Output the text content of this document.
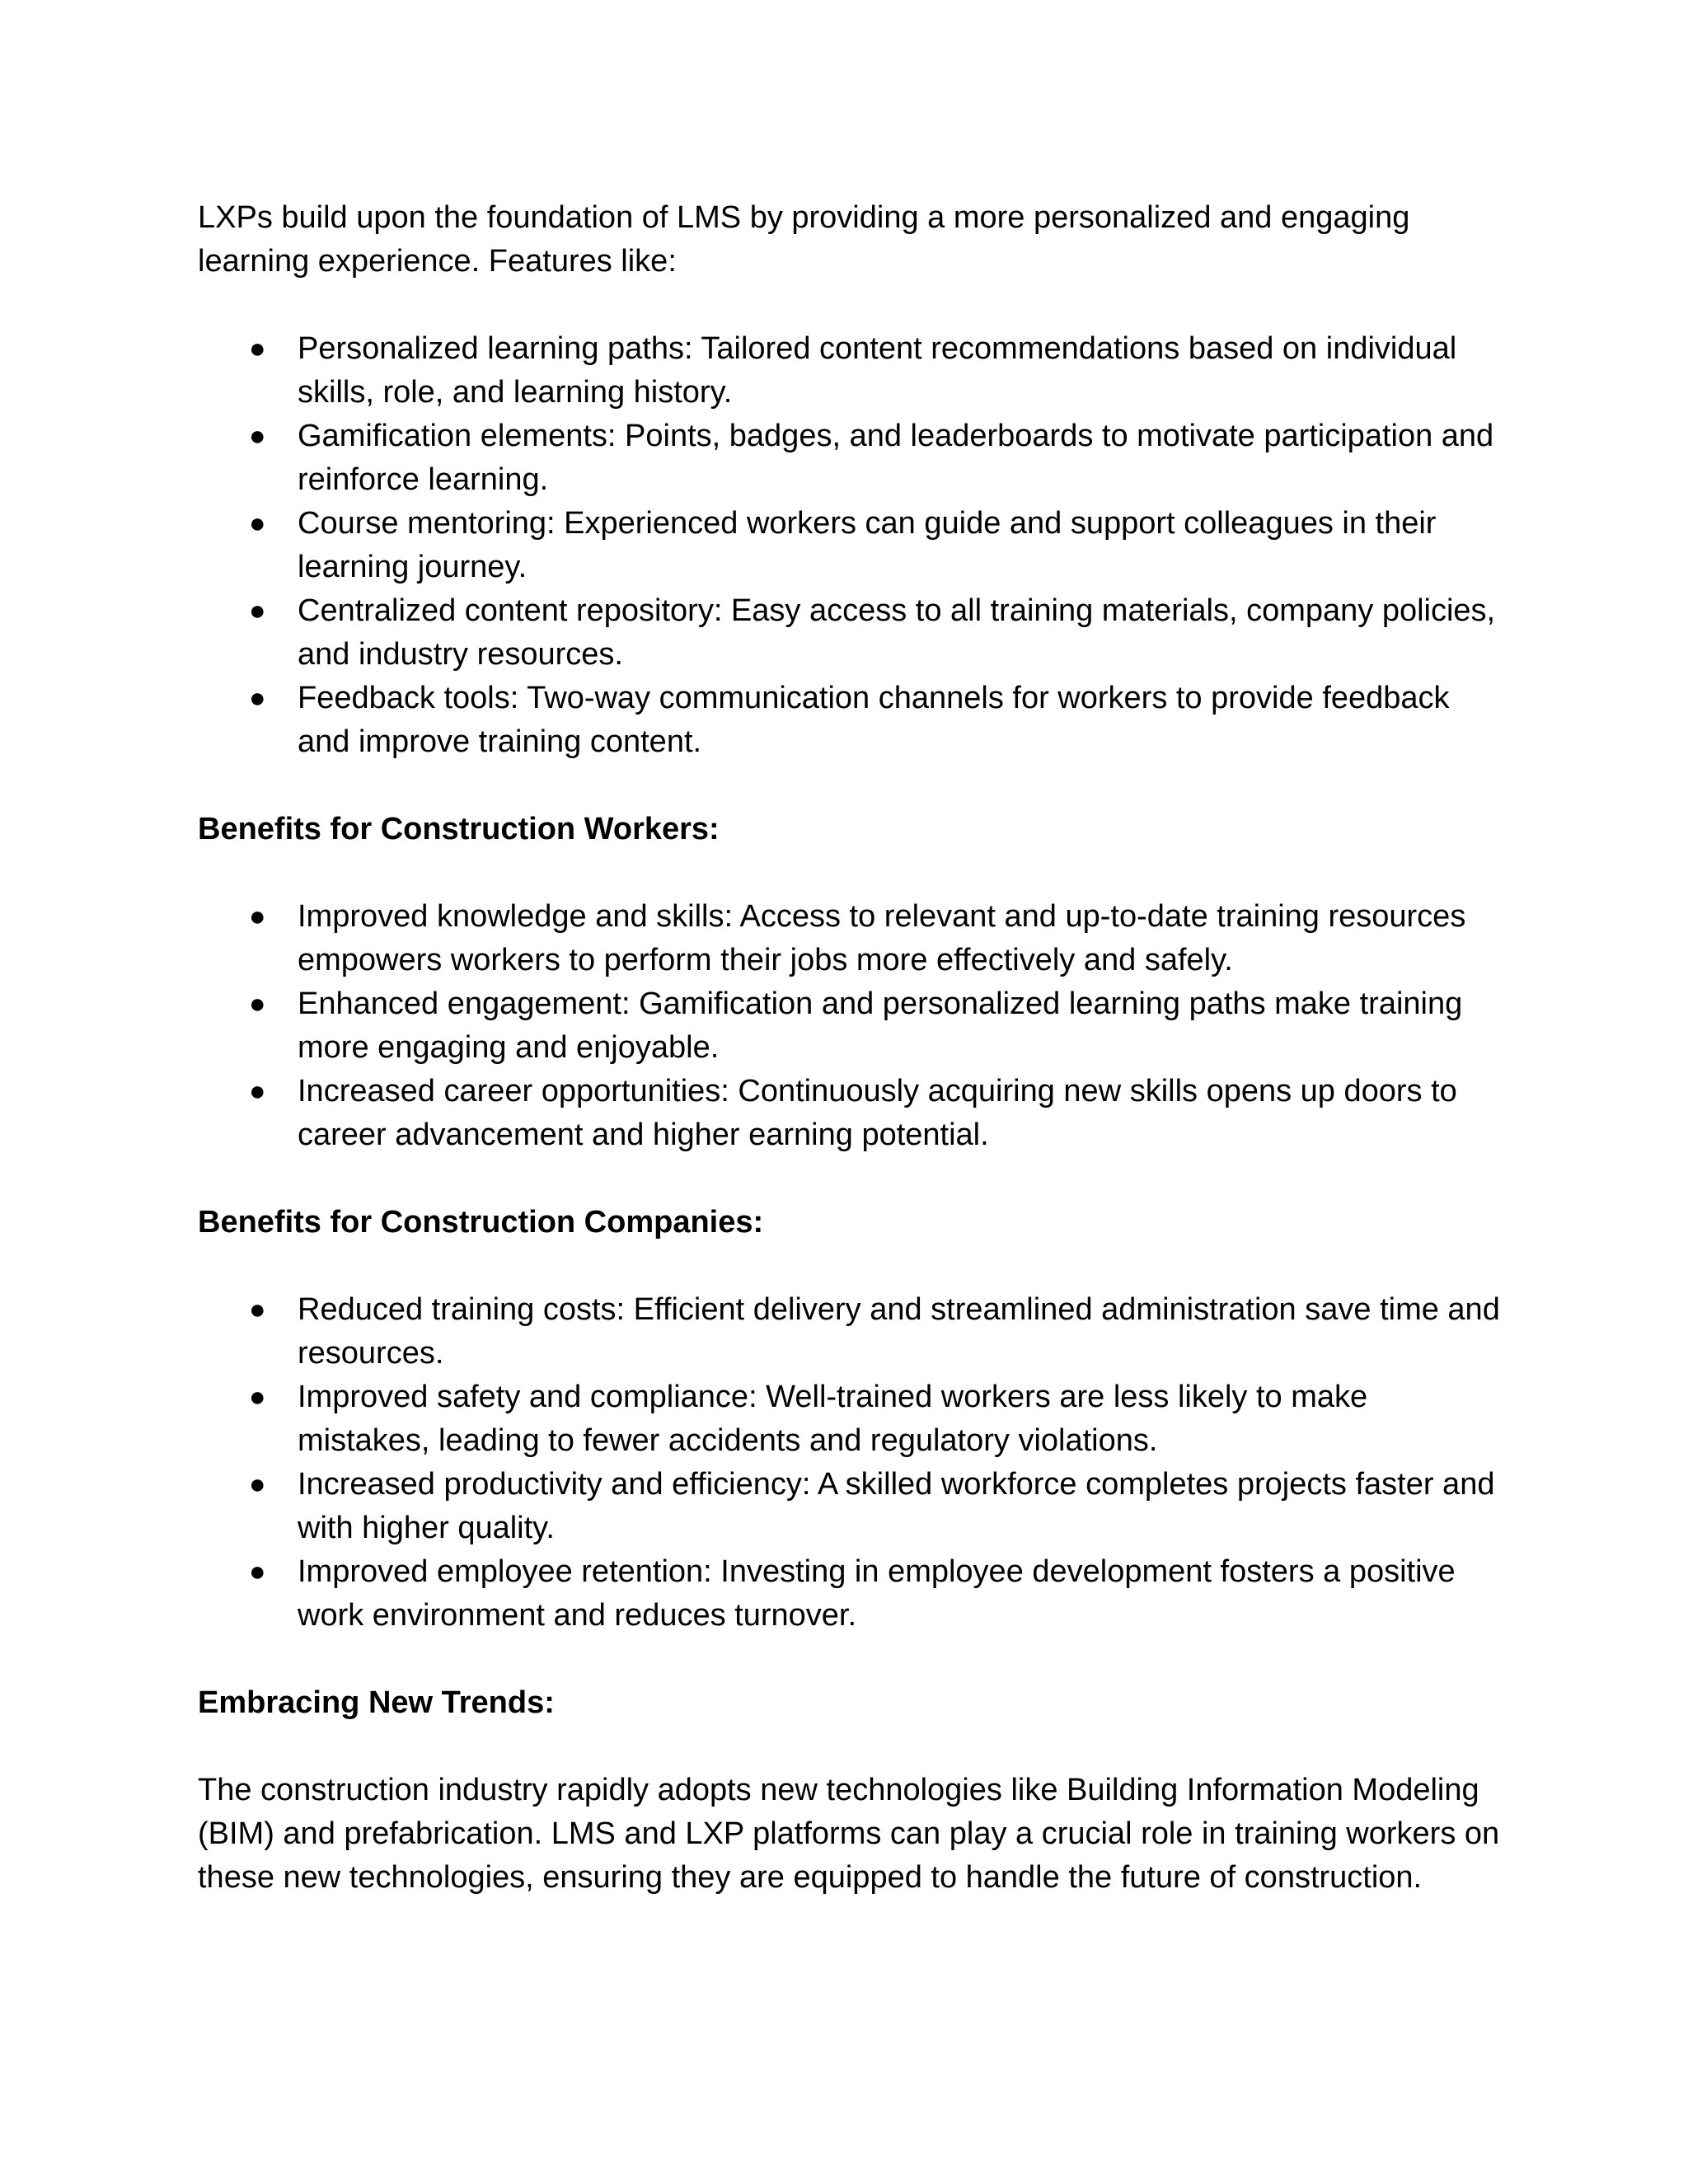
LXPs build upon the foundation of LMS by providing a more personalized and engaging learning experience. Features like:

● Personalized learning paths: Tailored content recommendations based on individual skills, role, and learning history.
● Gamification elements: Points, badges, and leaderboards to motivate participation and reinforce learning.
● Course mentoring: Experienced workers can guide and support colleagues in their learning journey.
● Centralized content repository: Easy access to all training materials, company policies, and industry resources.
● Feedback tools: Two-way communication channels for workers to provide feedback and improve training content.

Benefits for Construction Workers:

● Improved knowledge and skills: Access to relevant and up-to-date training resources empowers workers to perform their jobs more effectively and safely.
● Enhanced engagement: Gamification and personalized learning paths make training more engaging and enjoyable.
● Increased career opportunities: Continuously acquiring new skills opens up doors to career advancement and higher earning potential.

Benefits for Construction Companies:

● Reduced training costs: Efficient delivery and streamlined administration save time and resources.
● Improved safety and compliance: Well-trained workers are less likely to make mistakes, leading to fewer accidents and regulatory violations.
● Increased productivity and efficiency: A skilled workforce completes projects faster and with higher quality.
● Improved employee retention: Investing in employee development fosters a positive work environment and reduces turnover.

Embracing New Trends:

The construction industry rapidly adopts new technologies like Building Information Modeling (BIM) and prefabrication. LMS and LXP platforms can play a crucial role in training workers on these new technologies, ensuring they are equipped to handle the future of construction.
